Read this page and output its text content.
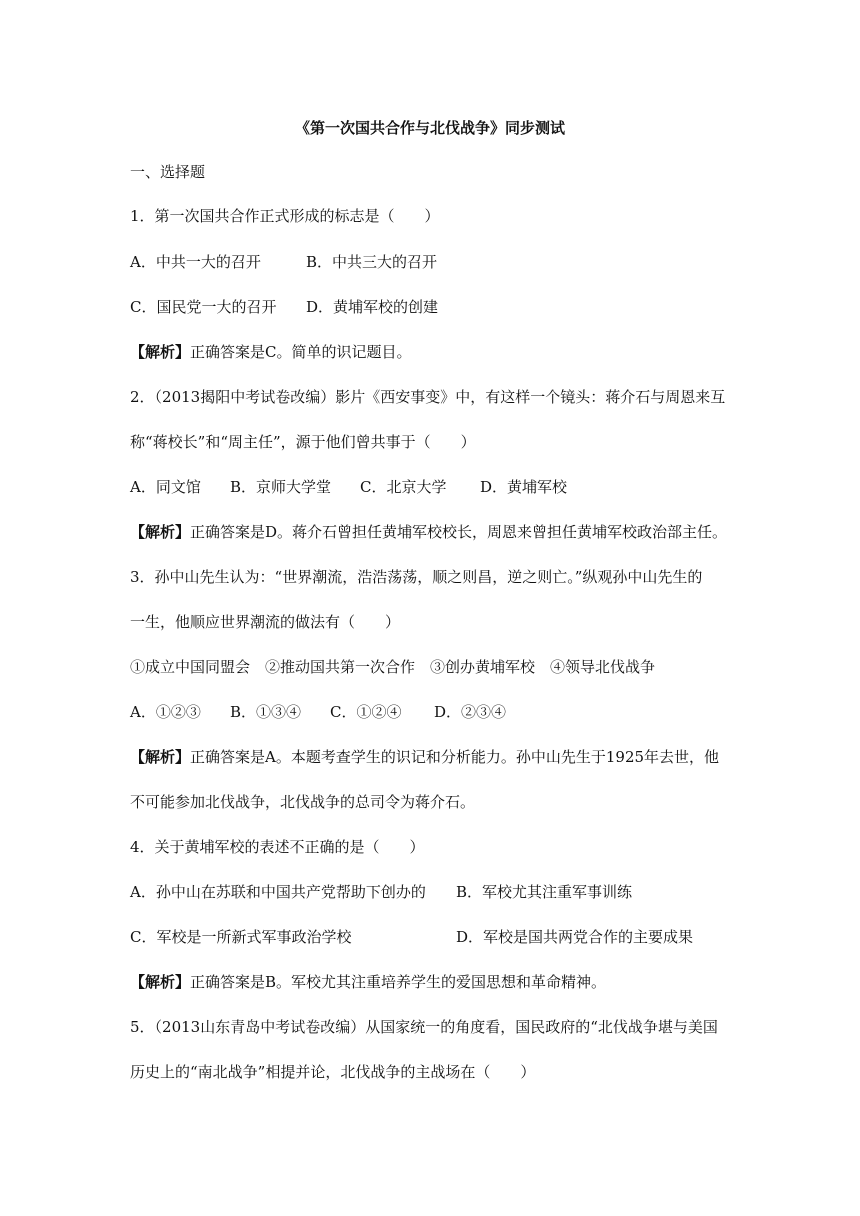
《第一次国共合作与北伐战争》同步测试
一、选择题
1．第一次国共合作正式形成的标志是（　　）
A．中共一大的召开	B．中共三大的召开
C．国民党一大的召开 D．黄埔军校的创建
【解析】正确答案是C。简单的识记题目。
2．（2013揭阳中考试卷改编）影片《西安事变》中，有这样一个镜头：蒋介石与周恩来互
称“蒋校长”和“周主任”，源于他们曾共事于（　　）
A．同文馆 B．京师大学堂 C．北京大学 D．黄埔军校
【解析】正确答案是D。蒋介石曾担任黄埔军校校长，周恩来曾担任黄埔军校政治部主任。
3．孙中山先生认为：“世界潮流，浩浩荡荡，顺之则昌，逆之则亡。”纵观孙中山先生的
一生，他顺应世界潮流的做法有（　　）
①成立中国同盟会　②推动国共第一次合作　③创办黄埔军校　④领导北伐战争
A．①②③ B．①③④ C．①②④ D．②③④
【解析】正确答案是A。本题考查学生的识记和分析能力。孙中山先生于1925年去世，他
不可能参加北伐战争，北伐战争的总司令为蒋介石。
4．关于黄埔军校的表述不正确的是（　　）
A．孙中山在苏联和中国共产党帮助下创办的 B．军校尤其注重军事训练
C．军校是一所新式军事政治学校	D．军校是国共两党合作的主要成果
【解析】正确答案是B。军校尤其注重培养学生的爱国思想和革命精神。
5．（2013山东青岛中考试卷改编）从国家统一的角度看，国民政府的“北伐战争堪与美国
历史上的“南北战争”相提并论，北伐战争的主战场在（　　）
